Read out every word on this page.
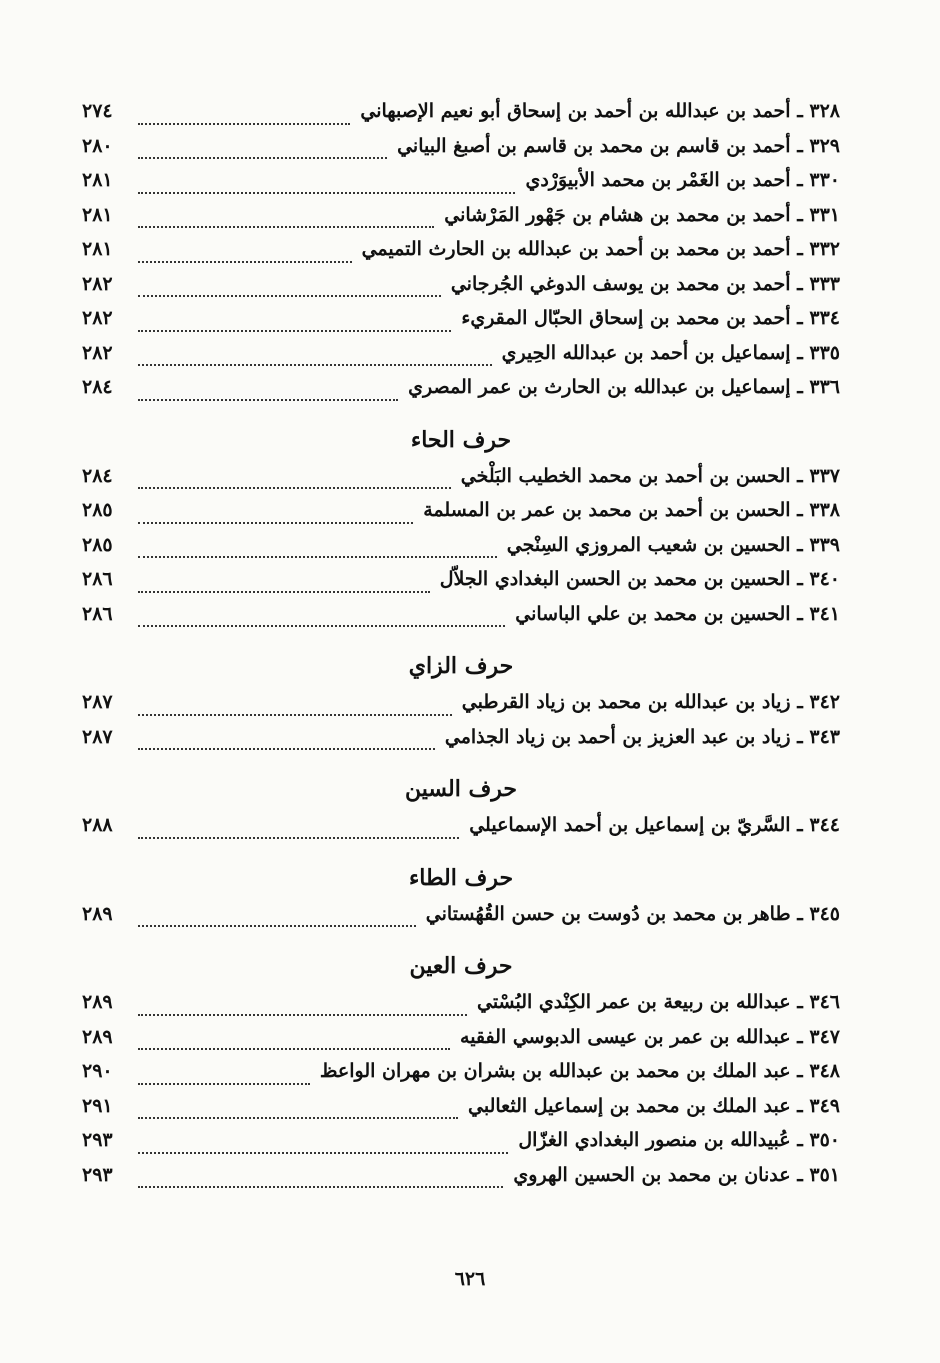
٣٢٨ ـ أحمد بن عبدالله بن أحمد بن إسحاق أبو نعيم الإصبهاني
٢٧٤
٣٢٩ ـ أحمد بن قاسم بن محمد بن قاسم بن أصبغ البياني
٢٨٠
٣٣٠ ـ أحمد بن الغَمْر بن محمد الأبيوَرْدي
٢٨١
٣٣١ ـ أحمد بن محمد بن هشام بن جَهْور المَرْشاني
٢٨١
٣٣٢ ـ أحمد بن محمد بن أحمد بن عبدالله بن الحارث التميمي
٢٨١
٣٣٣ ـ أحمد بن محمد بن يوسف الدوغي الجُرجاني
٢٨٢
٣٣٤ ـ أحمد بن محمد بن إسحاق الحبّال المقريء
٢٨٢
٣٣٥ ـ إسماعيل بن أحمد بن عبدالله الحِيري
٢٨٢
٣٣٦ ـ إسماعيل بن عبدالله بن الحارث بن عمر المصري
٢٨٤
حرف الحاء
٣٣٧ ـ الحسن بن أحمد بن محمد الخطيب البَلْخي
٢٨٤
٣٣٨ ـ الحسن بن أحمد بن محمد بن عمر بن المسلمة
٢٨٥
٣٣٩ ـ الحسين بن شعيب المروزي السِنْجي
٢٨٥
٣٤٠ ـ الحسين بن محمد بن الحسن البغدادي الجلاّل
٢٨٦
٣٤١ ـ الحسين بن محمد بن علي الباساني
٢٨٦
حرف الزاي
٣٤٢ ـ زياد بن عبدالله بن محمد بن زياد القرطبي
٢٨٧
٣٤٣ ـ زياد بن عبد العزيز بن أحمد بن زياد الجذامي
٢٨٧
حرف السين
٣٤٤ ـ السَّريّ بن إسماعيل بن أحمد الإسماعيلي
٢٨٨
حرف الطاء
٣٤٥ ـ طاهر بن محمد بن دُوست بن حسن القُهُستاني
٢٨٩
حرف العين
٣٤٦ ـ عبدالله بن ربيعة بن عمر الكِنْدي البُسْتي
٢٨٩
٣٤٧ ـ عبدالله بن عمر بن عيسى الدبوسي الفقيه
٢٨٩
٣٤٨ ـ عبد الملك بن محمد بن عبدالله بن بشران بن مهران الواعظ
٢٩٠
٣٤٩ ـ عبد الملك بن محمد بن إسماعيل الثعالبي
٢٩١
٣٥٠ ـ عُبيدالله بن منصور البغدادي الغزّال
٢٩٣
٣٥١ ـ عدنان بن محمد بن الحسين الهروي
٢٩٣
٦٢٦
